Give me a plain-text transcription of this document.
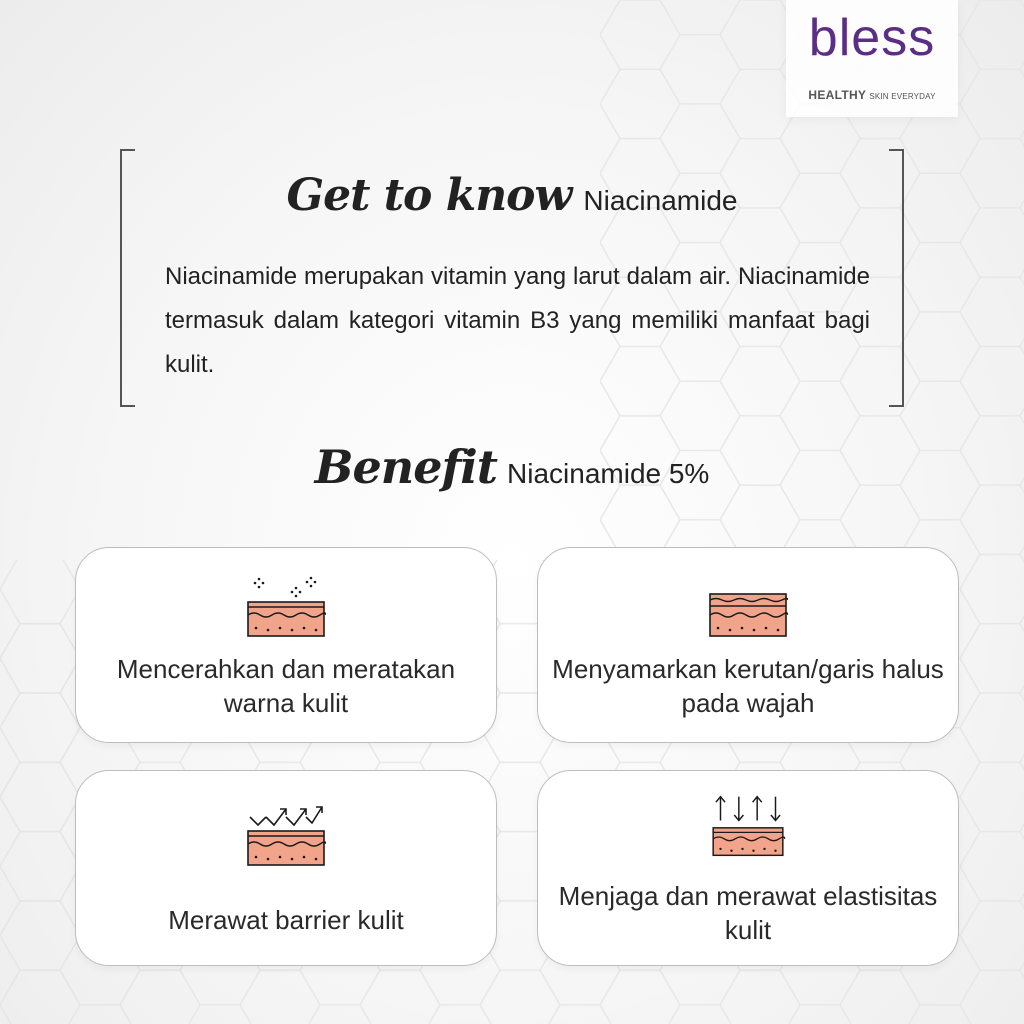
bless
HEALTHY SKIN EVERYDAY
Get to know Niacinamide
Niacinamide merupakan vitamin yang larut dalam air. Niacinamide termasuk dalam kategori vitamin B3 yang memiliki manfaat bagi kulit.
Benefit Niacinamide 5%
Mencerahkan dan meratakan warna kulit
Menyamarkan kerutan/garis halus pada wajah
Merawat barrier kulit
Menjaga dan merawat elastisitas kulit
